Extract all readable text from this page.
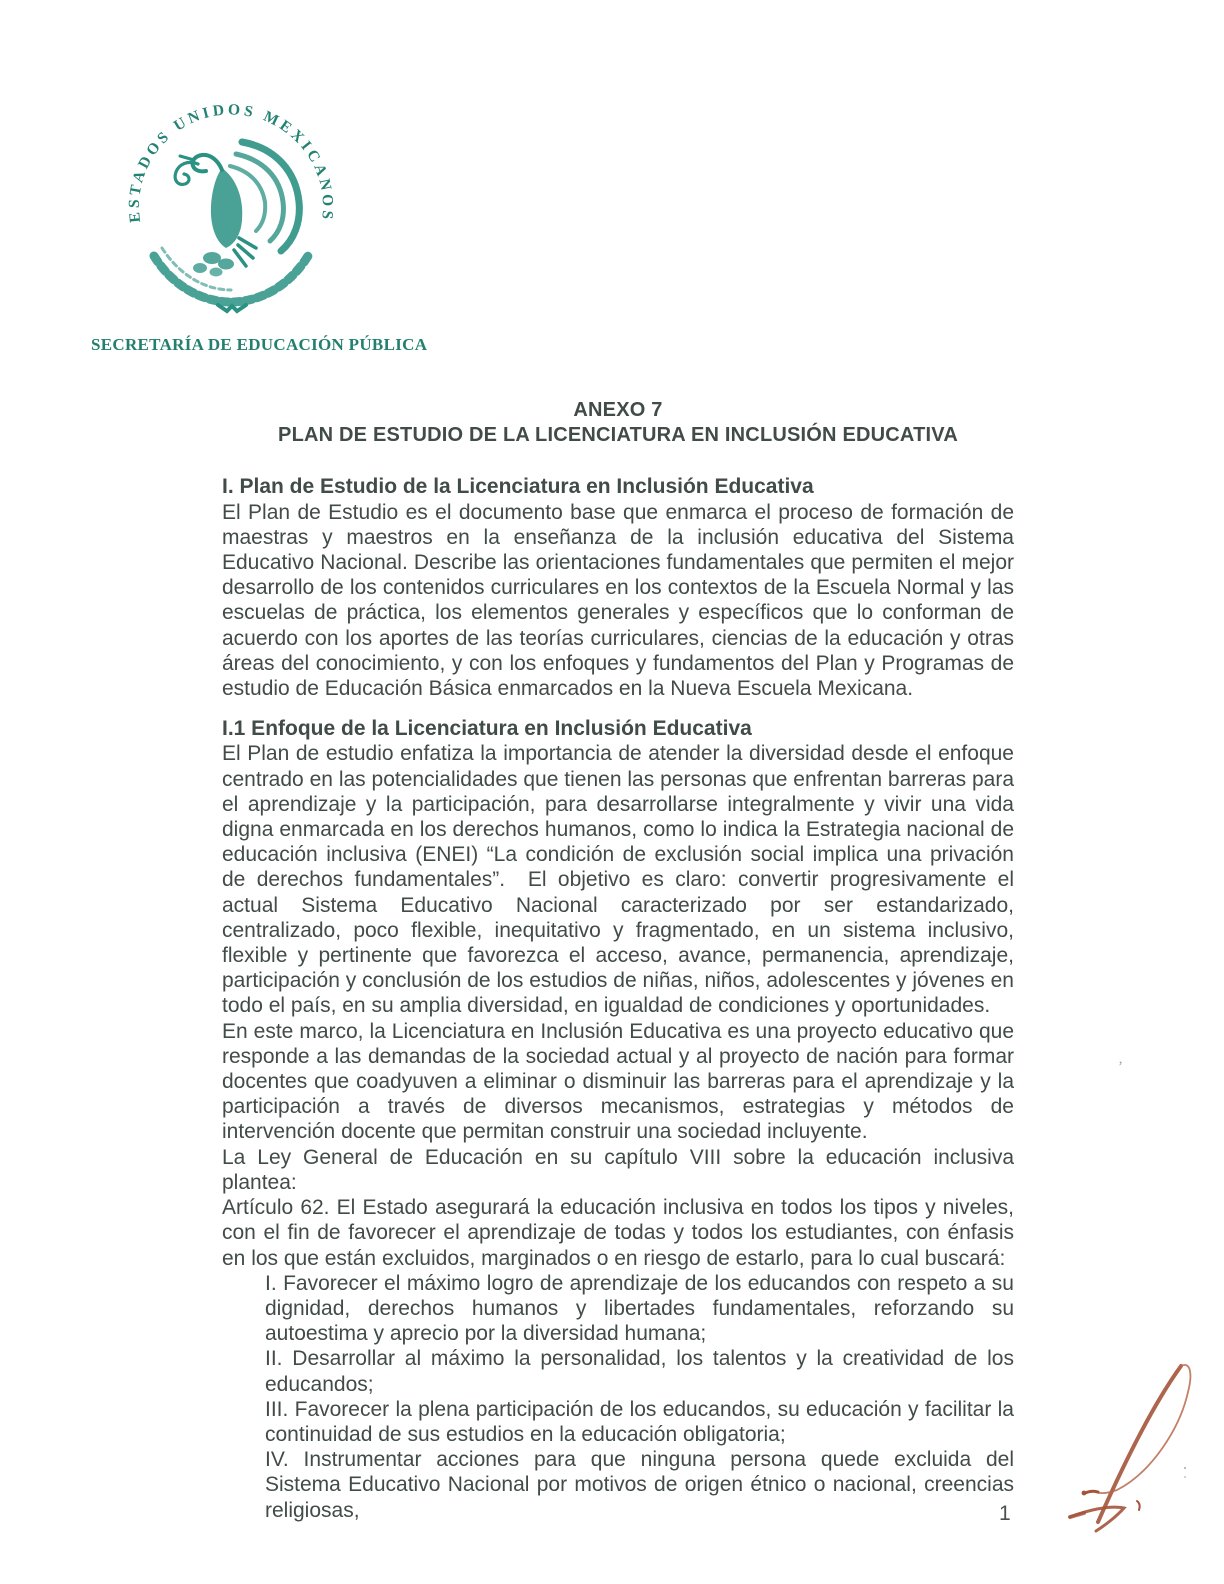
ESTADOS UNIDOS MEXICANOS
SECRETARÍA DE EDUCACIÓN PÚBLICA
ANEXO 7
PLAN DE ESTUDIO DE LA LICENCIATURA EN INCLUSIÓN EDUCATIVA
I. Plan de Estudio de la Licenciatura en Inclusión Educativa

El Plan de Estudio es el documento base que enmarca el proceso de formación de maestras y maestros en la enseñanza de la inclusión educativa del Sistema Educativo Nacional. Describe las orientaciones fundamentales que permiten el mejor desarrollo de los contenidos curriculares en los contextos de la Escuela Normal y las escuelas de práctica, los elementos generales y específicos que lo conforman de acuerdo con los aportes de las teorías curriculares, ciencias de la educación y otras áreas del conocimiento, y con los enfoques y fundamentos del Plan y Programas de estudio de Educación Básica enmarcados en la Nueva Escuela Mexicana.

I.1 Enfoque de la Licenciatura en Inclusión Educativa

El Plan de estudio enfatiza la importancia de atender la diversidad desde el enfoque centrado en las potencialidades que tienen las personas que enfrentan barreras para el aprendizaje y la participación, para desarrollarse integralmente y vivir una vida digna enmarcada en los derechos humanos, como lo indica la Estrategia nacional de educación inclusiva (ENEI) “La condición de exclusión social implica una privación de derechos fundamentales”.  El objetivo es claro: convertir progresivamente el actual Sistema Educativo Nacional caracterizado por ser estandarizado, centralizado, poco flexible, inequitativo y fragmentado, en un sistema inclusivo, flexible y pertinente que favorezca el acceso, avance, permanencia, aprendizaje, participación y conclusión de los estudios de niñas, niños, adolescentes y jóvenes en todo el país, en su amplia diversidad, en igualdad de condiciones y oportunidades.

En este marco, la Licenciatura en Inclusión Educativa es una proyecto educativo que responde a las demandas de la sociedad actual y al proyecto de nación para formar docentes que coadyuven a eliminar o disminuir las barreras para el aprendizaje y la participación a través de diversos mecanismos, estrategias y métodos de intervención docente que permitan construir una sociedad incluyente.

La Ley General de Educación en su capítulo VIII sobre la educación inclusiva plantea:

Artículo 62. El Estado asegurará la educación inclusiva en todos los tipos y niveles, con el fin de favorecer el aprendizaje de todas y todos los estudiantes, con énfasis en los que están excluidos, marginados o en riesgo de estarlo, para lo cual buscará:

I. Favorecer el máximo logro de aprendizaje de los educandos con respeto a su dignidad, derechos humanos y libertades fundamentales, reforzando su autoestima y aprecio por la diversidad humana;
II. Desarrollar al máximo la personalidad, los talentos y la creatividad de los educandos;
III. Favorecer la plena participación de los educandos, su educación y facilitar la continuidad de sus estudios en la educación obligatoria;
IV. Instrumentar acciones para que ninguna persona quede excluida del Sistema Educativo Nacional por motivos de origen étnico o nacional, creencias religiosas,	1
’
